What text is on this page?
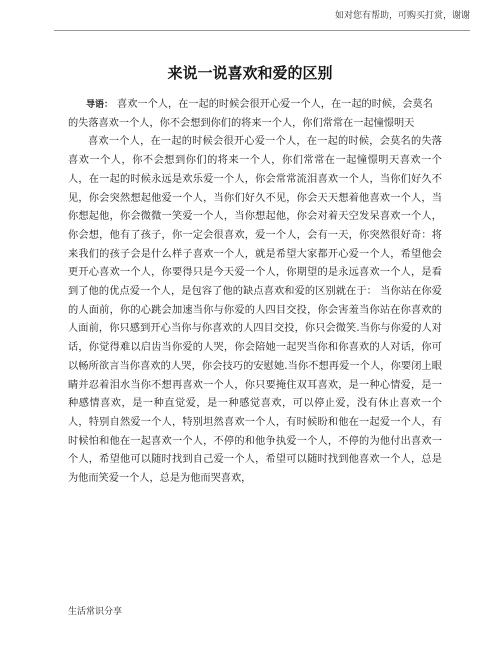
如对您有帮助，可购买打赏，谢谢
来说一说喜欢和爱的区别

导语： 喜欢一个人，在一起的时候会很开心爱一个人，在一起的时候，会莫名的失落喜欢一个人，你不会想到你们的将来一个人，你们常常在一起憧憬明天

喜欢一个人，在一起的时候会很开心爱一个人，在一起的时候，会莫名的失落喜欢一个人，你不会想到你们的将来一个人，你们常常在一起憧憬明天喜欢一个人，在一起的时候永远是欢乐爱一个人，你会常常流泪喜欢一个人，当你们好久不见，你会突然想起他爱一个人，当你们好久不见，你会天天想着他喜欢一个人，当你想起他，你会微微一笑爱一个人，当你想起他，你会对着天空发呆喜欢一个人，你会想，他有了孩子，你一定会很喜欢，爱一个人，会有一天，你突然很好奇：将来我们的孩子会是什么样子喜欢一个人，就是希望大家都开心爱一个人，希望他会更开心喜欢一个人，你要得只是今天爱一个人，你期望的是永远喜欢一个人，是看到了他的优点爱一个人，是包容了他的缺点喜欢和爱的区别就在于： 当你站在你爱的人面前，你的心跳会加速当你与你爱的人四目交投，你会害羞当你站在你喜欢的人面前，你只感到开心当你与你喜欢的人四目交投，你只会微笑.当你与你爱的人对话，你觉得难以启齿当你爱的人哭，你会陪她一起哭当你和你喜欢的人对话，你可以畅所欲言当你喜欢的人哭，你会技巧的安慰她.当你不想再爱一个人，你要闭上眼睛并忍着泪水当你不想再喜欢一个人，你只要掩住双耳喜欢，是一种心情爱，是一种感情喜欢，是一种直觉爱，是一种感觉喜欢，可以停止爱，没有休止喜欢一个人，特别自然爱一个人，特别坦然喜欢一个人，有时候盼和他在一起爱一个人，有时候怕和他在一起喜欢一个人，不停的和他争执爱一个人，不停的为他付出喜欢一个人，希望他可以随时找到自己爱一个人，希望可以随时找到他喜欢一个人，总是为他而笑爱一个人，总是为他而哭喜欢，

生活常识分享
